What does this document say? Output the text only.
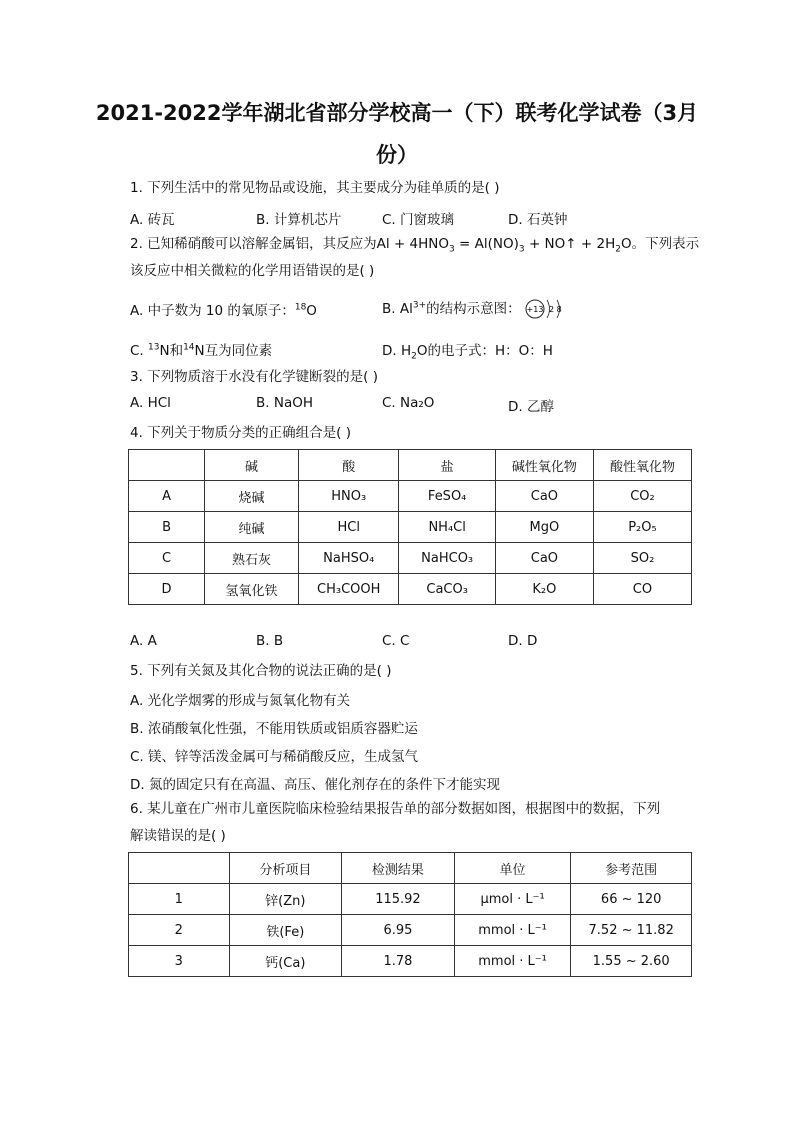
2021-2022学年湖北省部分学校高一（下）联考化学试卷（3月
份）
1. 下列生活中的常见物品或设施，其主要成分为硅单质的是( )
A. 砖瓦	B. 计算机芯片	C. 门窗玻璃	D. 石英钟
2. 已知稀硝酸可以溶解金属铝，其反应为$Al + 4HNO_3 = Al(NO)_3$ + NO↑ + $2H_2O$。下列表示
该反应中相关微粒的化学用语错误的是( )
A. 中子数为 10 的氧原子：$^{18}$O	B. $Al^{3+}$的结构示意图： +13 2 8
C. $^{13}$N和$^{14}$N互为同位素	D. $H_2O$的电子式：H：O：H
3. 下列物质溶于水没有化学键断裂的是( )
A. HCl	B. NaOH	C. Na₂O	D. 乙醇
4. 下列关于物质分类的正确组合是( )
	碱	酸	盐	碱性氧化物	酸性氧化物
A	烧碱	HNO₃	FeSO₄	CaO	CO₂
B	纯碱	HCl	NH₄Cl	MgO	P₂O₅
C	熟石灰	NaHSO₄	NaHCO₃	CaO	SO₂
D	氢氧化铁	CH₃COOH	CaCO₃	K₂O	CO
A. A	B. B	C. C	D. D
5. 下列有关氮及其化合物的说法正确的是( )
A. 光化学烟雾的形成与氮氧化物有关
B. 浓硝酸氧化性强，不能用铁质或铝质容器贮运
C. 镁、锌等活泼金属可与稀硝酸反应，生成氢气
D. 氮的固定只有在高温、高压、催化剂存在的条件下才能实现
6. 某儿童在广州市儿童医院临床检验结果报告单的部分数据如图，根据图中的数据，下列
解读错误的是( )
	分析项目	检测结果	单位	参考范围
1	锌(Zn)	115.92	μmol · L⁻¹	66 ~ 120
2	铁(Fe)	6.95	mmol · L⁻¹	7.52 ~ 11.82
3	钙(Ca)	1.78	mmol · L⁻¹	1.55 ~ 2.60
